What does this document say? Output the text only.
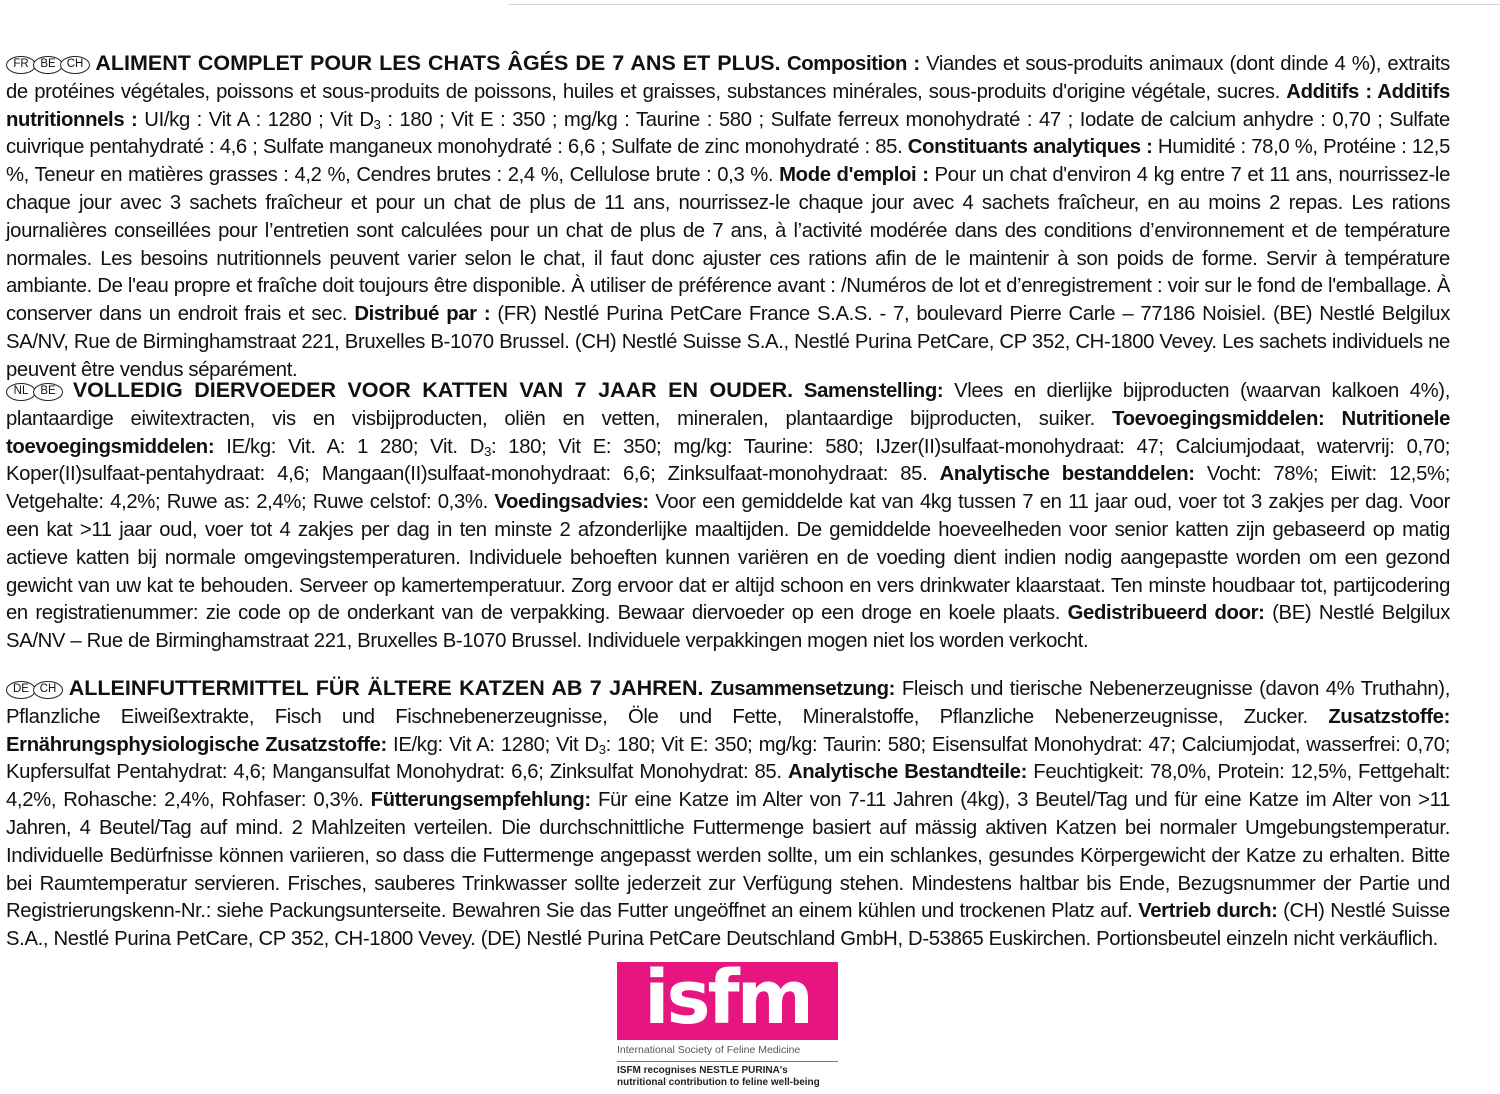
FR BE CH ALIMENT COMPLET POUR LES CHATS ÂGÉS DE 7 ANS ET PLUS. Composition : Viandes et sous-produits animaux (dont dinde 4 %), extraits de protéines végétales, poissons et sous-produits de poissons, huiles et graisses, substances minérales, sous-produits d'origine végétale, sucres. Additifs : Additifs nutritionnels : UI/kg : Vit A : 1280 ; Vit $D_3$ : 180 ; Vit E : 350 ; mg/kg : Taurine : 580 ; Sulfate ferreux monohydraté : 47 ; Iodate de calcium anhydre : 0,70 ; Sulfate cuivrique pentahydraté : 4,6 ; Sulfate manganeux monohydraté : 6,6 ; Sulfate de zinc monohydraté : 85. Constituants analytiques : Humidité : 78,0 %, Protéine : 12,5 %, Teneur en matières grasses : 4,2 %, Cendres brutes : 2,4 %, Cellulose brute : 0,3 %. Mode d'emploi : Pour un chat d'environ 4 kg entre 7 et 11 ans, nourrissez-le chaque jour avec 3 sachets fraîcheur et pour un chat de plus de 11 ans, nourrissez-le chaque jour avec 4 sachets fraîcheur, en au moins 2 repas. Les rations journalières conseillées pour l’entretien sont calculées pour un chat de plus de 7 ans, à l’activité modérée dans des conditions d’environnement et de température normales. Les besoins nutritionnels peuvent varier selon le chat, il faut donc ajuster ces rations afin de le maintenir à son poids de forme. Servir à température ambiante. De l'eau propre et fraîche doit toujours être disponible. À utiliser de préférence avant : /Numéros de lot et d’enregistrement : voir sur le fond de l'emballage. À conserver dans un endroit frais et sec. Distribué par : (FR) Nestlé Purina PetCare France S.A.S. - 7, boulevard Pierre Carle – 77186 Noisiel. (BE) Nestlé Belgilux SA/NV, Rue de Birminghamstraat 221, Bruxelles B-1070 Brussel. (CH) Nestlé Suisse S.A., Nestlé Purina PetCare, CP 352, CH-1800 Vevey. Les sachets individuels ne peuvent être vendus séparément.
NL BE VOLLEDIG DIERVOEDER VOOR KATTEN VAN 7 JAAR EN OUDER. Samenstelling: Vlees en dierlijke bijproducten (waarvan kalkoen 4%), plantaardige eiwitextracten, vis en visbijproducten, oliën en vetten, mineralen, plantaardige bijproducten, suiker. Toevoegingsmiddelen: Nutritionele toevoegingsmiddelen: IE/kg: Vit. A: 1 280; Vit. $D_3$: 180; Vit E: 350; mg/kg: Taurine: 580; IJzer(II)sulfaat-monohydraat: 47; Calciumjodaat, watervrij: 0,70; Koper(II)sulfaat-pentahydraat: 4,6; Mangaan(II)sulfaat-monohydraat: 6,6; Zinksulfaat-monohydraat: 85. Analytische bestanddelen: Vocht: 78%; Eiwit: 12,5%; Vetgehalte: 4,2%; Ruwe as: 2,4%; Ruwe celstof: 0,3%. Voedingsadvies: Voor een gemiddelde kat van 4kg tussen 7 en 11 jaar oud, voer tot 3 zakjes per dag. Voor een kat >11 jaar oud, voer tot 4 zakjes per dag in ten minste 2 afzonderlijke maaltijden. De gemiddelde hoeveelheden voor senior katten zijn gebaseerd op matig actieve katten bij normale omgevingstemperaturen. Individuele behoeften kunnen variëren en de voeding dient indien nodig aangepastte worden om een gezond gewicht van uw kat te behouden. Serveer op kamertemperatuur. Zorg ervoor dat er altijd schoon en vers drinkwater klaarstaat. Ten minste houdbaar tot, partijcodering en registratienummer: zie code op de onderkant van de verpakking. Bewaar diervoeder op een droge en koele plaats. Gedistribueerd door: (BE) Nestlé Belgilux SA/NV – Rue de Birminghamstraat 221, Bruxelles B-1070 Brussel. Individuele verpakkingen mogen niet los worden verkocht.
DE CH ALLEINFUTTERMITTEL FÜR ÄLTERE KATZEN AB 7 JAHREN. Zusammensetzung: Fleisch und tierische Nebenerzeugnisse (davon 4% Truthahn), Pflanzliche Eiweißextrakte, Fisch und Fischnebenerzeugnisse, Öle und Fette, Mineralstoffe, Pflanzliche Nebenerzeugnisse, Zucker. Zusatzstoffe: Ernährungsphysiologische Zusatzstoffe: IE/kg: Vit A: 1280; Vit $D_3$: 180; Vit E: 350; mg/kg: Taurin: 580; Eisensulfat Monohydrat: 47; Calciumjodat, wasserfrei: 0,70; Kupfersulfat Pentahydrat: 4,6; Mangansulfat Monohydrat: 6,6; Zinksulfat Monohydrat: 85. Analytische Bestandteile: Feuchtigkeit: 78,0%, Protein: 12,5%, Fettgehalt: 4,2%, Rohasche: 2,4%, Rohfaser: 0,3%. Fütterungsempfehlung: Für eine Katze im Alter von 7-11 Jahren (4kg), 3 Beutel/Tag und für eine Katze im Alter von >11 Jahren, 4 Beutel/Tag auf mind. 2 Mahlzeiten verteilen. Die durchschnittliche Futtermenge basiert auf mässig aktiven Katzen bei normaler Umgebungstemperatur. Individuelle Bedürfnisse können variieren, so dass die Futtermenge angepasst werden sollte, um ein schlankes, gesundes Körpergewicht der Katze zu erhalten. Bitte bei Raumtemperatur servieren. Frisches, sauberes Trinkwasser sollte jederzeit zur Verfügung stehen. Mindestens haltbar bis Ende, Bezugsnummer der Partie und Registrierungskenn-Nr.: siehe Packungsunterseite. Bewahren Sie das Futter ungeöffnet an einem kühlen und trockenen Platz auf. Vertrieb durch: (CH) Nestlé Suisse S.A., Nestlé Purina PetCare, CP 352, CH-1800 Vevey. (DE) Nestlé Purina PetCare Deutschland GmbH, D-53865 Euskirchen. Portionsbeutel einzeln nicht verkäuflich.
isfm
International Society of Feline Medicine
ISFM recognises NESTLE PURINA's
nutritional contribution to feline well-being
